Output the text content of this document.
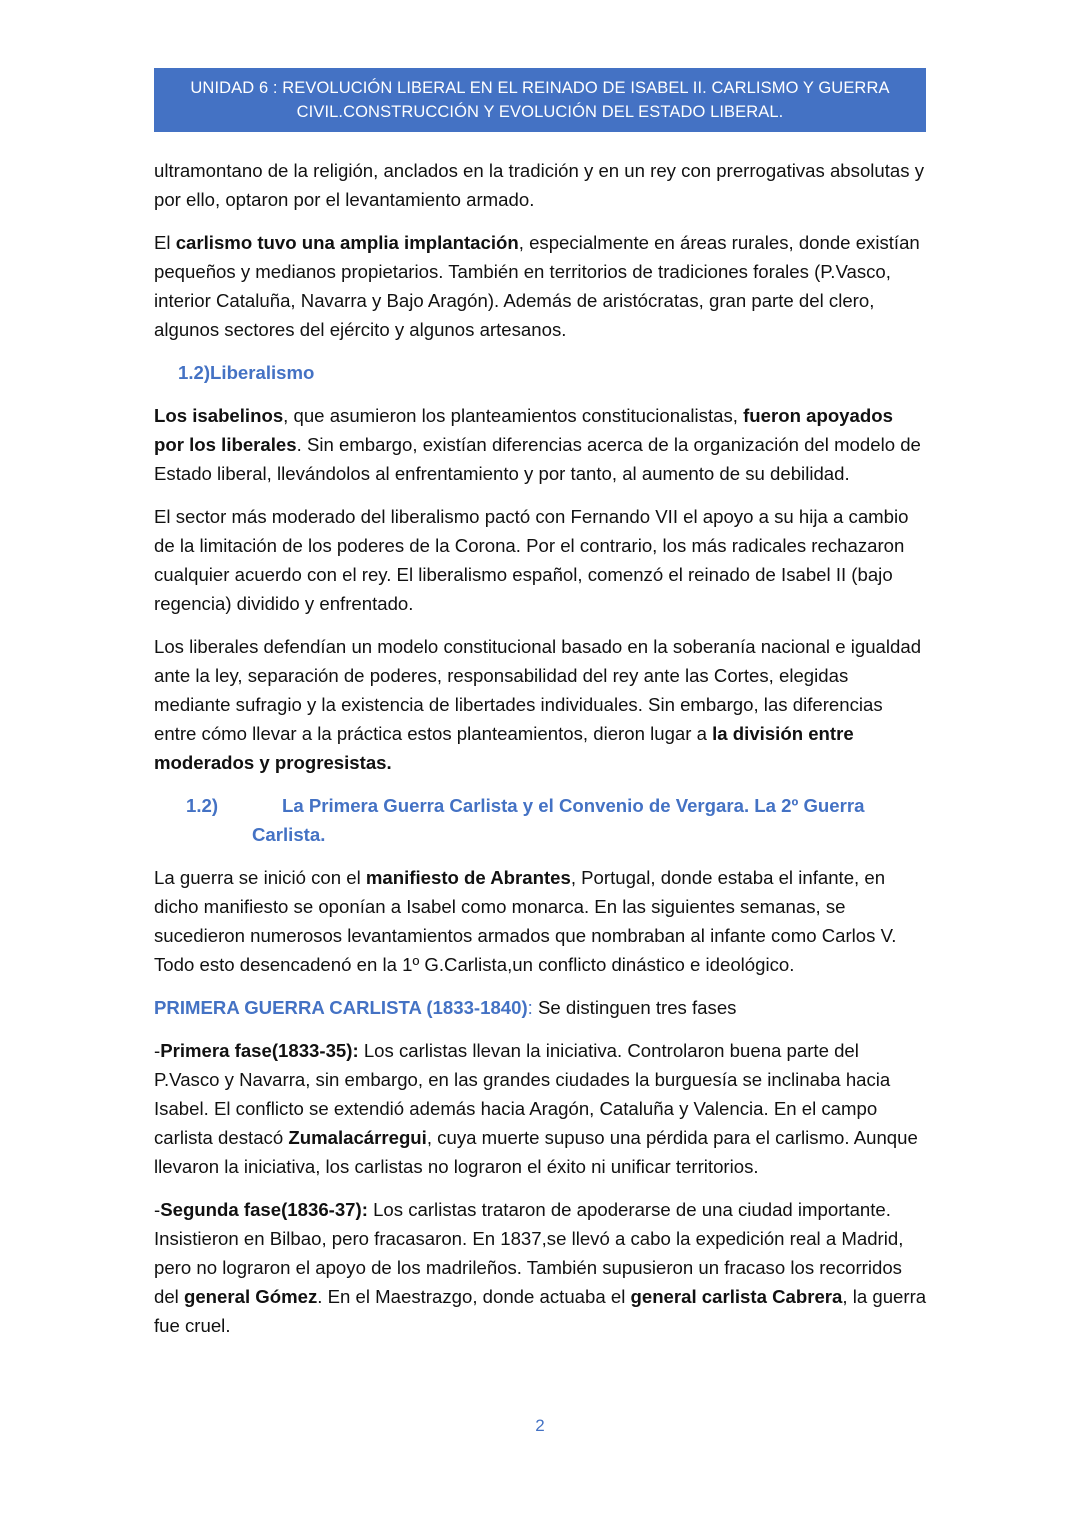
UNIDAD 6 : REVOLUCIÓN LIBERAL EN EL REINADO DE ISABEL II. CARLISMO Y GUERRA
CIVIL.CONSTRUCCIÓN Y EVOLUCIÓN DEL ESTADO LIBERAL.

ultramontano de la religión, anclados en la tradición y en un rey con prerrogativas absolutas y por ello, optaron por el levantamiento armado.

El carlismo tuvo una amplia implantación, especialmente en áreas rurales, donde existían pequeños y medianos propietarios. También en territorios de tradiciones forales (P.Vasco, interior Cataluña, Navarra y Bajo Aragón). Además de aristócratas, gran parte del clero, algunos sectores del ejército y algunos artesanos.

1.2)Liberalismo

Los isabelinos, que asumieron los planteamientos constitucionalistas, fueron apoyados por los liberales. Sin embargo, existían diferencias acerca de la organización del modelo de Estado liberal, llevándolos al enfrentamiento y por tanto, al aumento de su debilidad.

El sector más moderado del liberalismo pactó con Fernando VII el apoyo a su hija a cambio de la limitación de los poderes de la Corona. Por el contrario, los más radicales rechazaron cualquier acuerdo con el rey. El liberalismo español, comenzó el reinado de Isabel II (bajo regencia) dividido y enfrentado.

Los liberales defendían un modelo constitucional basado en la soberanía nacional e igualdad ante la ley, separación de poderes, responsabilidad del rey ante las Cortes, elegidas mediante sufragio y la existencia de libertades individuales. Sin embargo, las diferencias entre cómo llevar a la práctica estos planteamientos, dieron lugar a la división entre moderados y progresistas.

1.2)	La Primera Guerra Carlista y el Convenio de Vergara. La 2º Guerra Carlista.

La guerra se inició con el manifiesto de Abrantes, Portugal, donde estaba el infante, en dicho manifiesto se oponían a Isabel como monarca. En las siguientes semanas, se sucedieron numerosos levantamientos armados que nombraban al infante como Carlos V. Todo esto desencadenó en la 1º G.Carlista,un conflicto dinástico e ideológico.

PRIMERA GUERRA CARLISTA (1833-1840): Se distinguen tres fases

-Primera fase(1833-35): Los carlistas llevan la iniciativa. Controlaron buena parte del P.Vasco y Navarra, sin embargo, en las grandes ciudades la burguesía se inclinaba hacia Isabel. El conflicto se extendió además hacia Aragón, Cataluña y Valencia. En el campo carlista destacó Zumalacárregui, cuya muerte supuso una pérdida para el carlismo. Aunque llevaron la iniciativa, los carlistas no lograron el éxito ni unificar territorios.

-Segunda fase(1836-37): Los carlistas trataron de apoderarse de una ciudad importante. Insistieron en Bilbao, pero fracasaron. En 1837,se llevó a cabo la expedición real a Madrid, pero no lograron el apoyo de los madrileños. También supusieron un fracaso los recorridos del general Gómez. En el Maestrazgo, donde actuaba el general carlista Cabrera, la guerra fue cruel.

2
